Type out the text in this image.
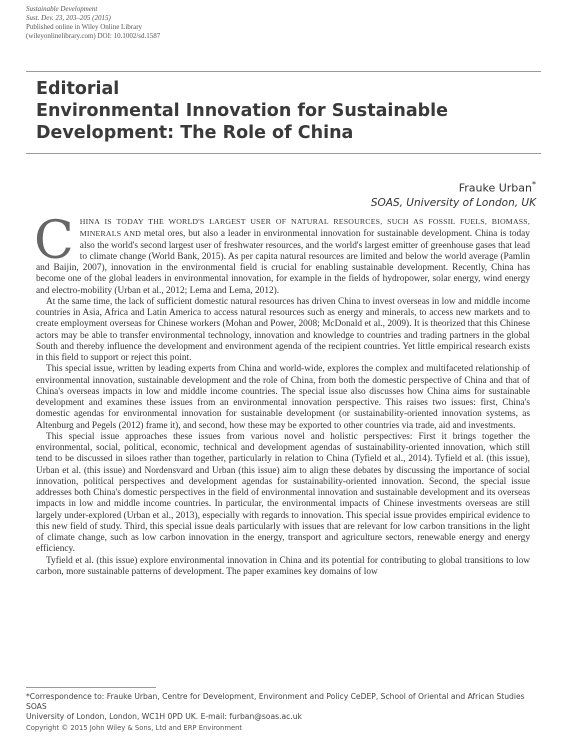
Sustainable Development
Sust. Dev. 23, 203–205 (2015)
Published online in Wiley Online Library
(wileyonlinelibrary.com) DOI: 10.1002/sd.1587
Editorial
Environmental Innovation for Sustainable
Development: The Role of China
Frauke Urban*
SOAS, University of London, UK

CHINA IS TODAY THE WORLD'S LARGEST USER OF NATURAL RESOURCES, SUCH AS FOSSIL FUELS, BIOMASS, MINERALS AND metal ores, but also a leader in environmental innovation for sustainable development. China is today also the world's second largest user of freshwater resources, and the world's largest emitter of greenhouse gases that lead to climate change (World Bank, 2015). As per capita natural resources are limited and below the world average (Pamlin and Baijin, 2007), innovation in the environmental field is crucial for enabling sustainable development. Recently, China has become one of the global leaders in environmental innovation, for example in the fields of hydropower, solar energy, wind energy and electro-mobility (Urban et al., 2012; Lema and Lema, 2012).

At the same time, the lack of sufficient domestic natural resources has driven China to invest overseas in low and middle income countries in Asia, Africa and Latin America to access natural resources such as energy and minerals, to access new markets and to create employment overseas for Chinese workers (Mohan and Power, 2008; McDonald et al., 2009). It is theorized that this Chinese actors may be able to transfer environmental technology, innovation and knowledge to countries and trading partners in the global South and thereby influence the development and environment agenda of the recipient countries. Yet little empirical research exists in this field to support or reject this point.

This special issue, written by leading experts from China and world-wide, explores the complex and multifaceted relationship of environmental innovation, sustainable development and the role of China, from both the domestic perspective of China and that of China's overseas impacts in low and middle income countries. The special issue also discusses how China aims for sustainable development and examines these issues from an environmental innovation perspective. This raises two issues: first, China's domestic agendas for environmental innovation for sustainable development (or sustainability-oriented innovation systems, as Altenburg and Pegels (2012) frame it), and second, how these may be exported to other countries via trade, aid and investments.

This special issue approaches these issues from various novel and holistic perspectives: First it brings together the environmental, social, political, economic, technical and development agendas of sustainability-oriented innovation, which still tend to be discussed in siloes rather than together, particularly in relation to China (Tyfield et al., 2014). Tyfield et al. (this issue), Urban et al. (this issue) and Nordensvard and Urban (this issue) aim to align these debates by discussing the importance of social innovation, political perspectives and development agendas for sustainability-oriented innovation. Second, the special issue addresses both China's domestic perspectives in the field of environmental innovation and sustainable development and its overseas impacts in low and middle income countries. In particular, the environmental impacts of Chinese investments overseas are still largely under-explored (Urban et al., 2013), especially with regards to innovation. This special issue provides empirical evidence to this new field of study. Third, this special issue deals particularly with issues that are relevant for low carbon transitions in the light of climate change, such as low carbon innovation in the energy, transport and agriculture sectors, renewable energy and energy efficiency.

Tyfield et al. (this issue) explore environmental innovation in China and its potential for contributing to global transitions to low carbon, more sustainable patterns of development. The paper examines key domains of low

*Correspondence to: Frauke Urban, Centre for Development, Environment and Policy CeDEP, School of Oriental and African Studies SOAS
University of London, London, WC1H 0PD UK. E-mail: furban@soas.ac.uk
Copyright © 2015 John Wiley & Sons, Ltd and ERP Environment
